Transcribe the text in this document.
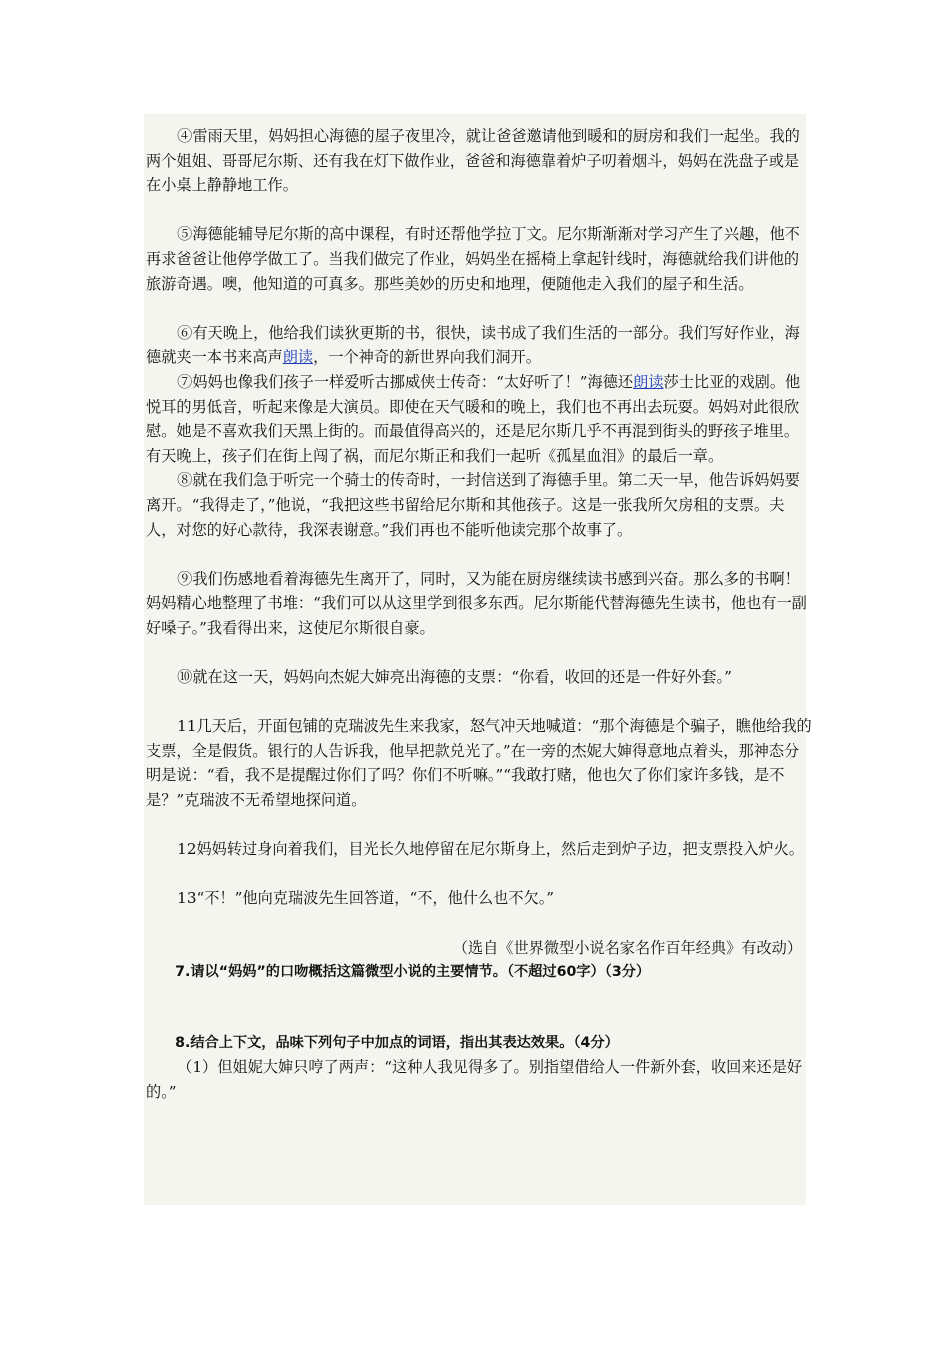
④雷雨天里，妈妈担心海德的屋子夜里冷，就让爸爸邀请他到暖和的厨房和我们一起坐。我的两个姐姐、哥哥尼尔斯、还有我在灯下做作业，爸爸和海德靠着炉子叨着烟斗，妈妈在洗盘子或是在小桌上静静地工作。

⑤海德能辅导尼尔斯的高中课程，有时还帮他学拉丁文。尼尔斯渐渐对学习产生了兴趣，他不再求爸爸让他停学做工了。当我们做完了作业，妈妈坐在摇椅上拿起针线时，海德就给我们讲他的旅游奇遇。噢，他知道的可真多。那些美妙的历史和地理，便随他走入我们的屋子和生活。

⑥有天晚上，他给我们读狄更斯的书，很快，读书成了我们生活的一部分。我们写好作业，海德就夹一本书来高声朗读，一个神奇的新世界向我们洞开。

⑦妈妈也像我们孩子一样爱听古挪威侠士传奇：“太好听了！”海德还朗读莎士比亚的戏剧。他悦耳的男低音，听起来像是大演员。即使在天气暖和的晚上，我们也不再出去玩耍。妈妈对此很欣慰。她是不喜欢我们天黑上街的。而最值得高兴的，还是尼尔斯几乎不再混到街头的野孩子堆里。有天晚上，孩子们在街上闯了祸，而尼尔斯正和我们一起听《孤星血泪》的最后一章。

⑧就在我们急于听完一个骑士的传奇时，一封信送到了海德手里。第二天一早，他告诉妈妈要离开。“我得走了，”他说，“我把这些书留给尼尔斯和其他孩子。这是一张我所欠房租的支票。夫人，对您的好心款待，我深表谢意。”我们再也不能听他读完那个故事了。

⑨我们伤感地看着海德先生离开了，同时，又为能在厨房继续读书感到兴奋。那么多的书啊！妈妈精心地整理了书堆：“我们可以从这里学到很多东西。尼尔斯能代替海德先生读书，他也有一副好嗓子。”我看得出来，这使尼尔斯很自豪。

⑩就在这一天，妈妈向杰妮大婶亮出海德的支票：“你看，收回的还是一件好外套。”

11几天后，开面包铺的克瑞波先生来我家，怒气冲天地喊道：“那个海德是个骗子，瞧他给我的支票，全是假货。银行的人告诉我，他早把款兑光了。”在一旁的杰妮大婶得意地点着头，那神态分明是说：“看，我不是提醒过你们了吗？你们不听嘛。”“我敢打赌，他也欠了你们家许多钱，是不是？”克瑞波不无希望地探问道。

12妈妈转过身向着我们，目光长久地停留在尼尔斯身上，然后走到炉子边，把支票投入炉火。

13“不！”他向克瑞波先生回答道，“不，他什么也不欠。”

（选自《世界微型小说名家名作百年经典》有改动）

7.请以“妈妈”的口吻概括这篇微型小说的主要情节。（不超过60字）（3分）

8.结合上下文，品味下列句子中加点的词语，指出其表达效果。（4分）

（1）但姐妮大婶只哼了两声：“这种人我见得多了。别指望借给人一件新外套，收回来还是好的。”
